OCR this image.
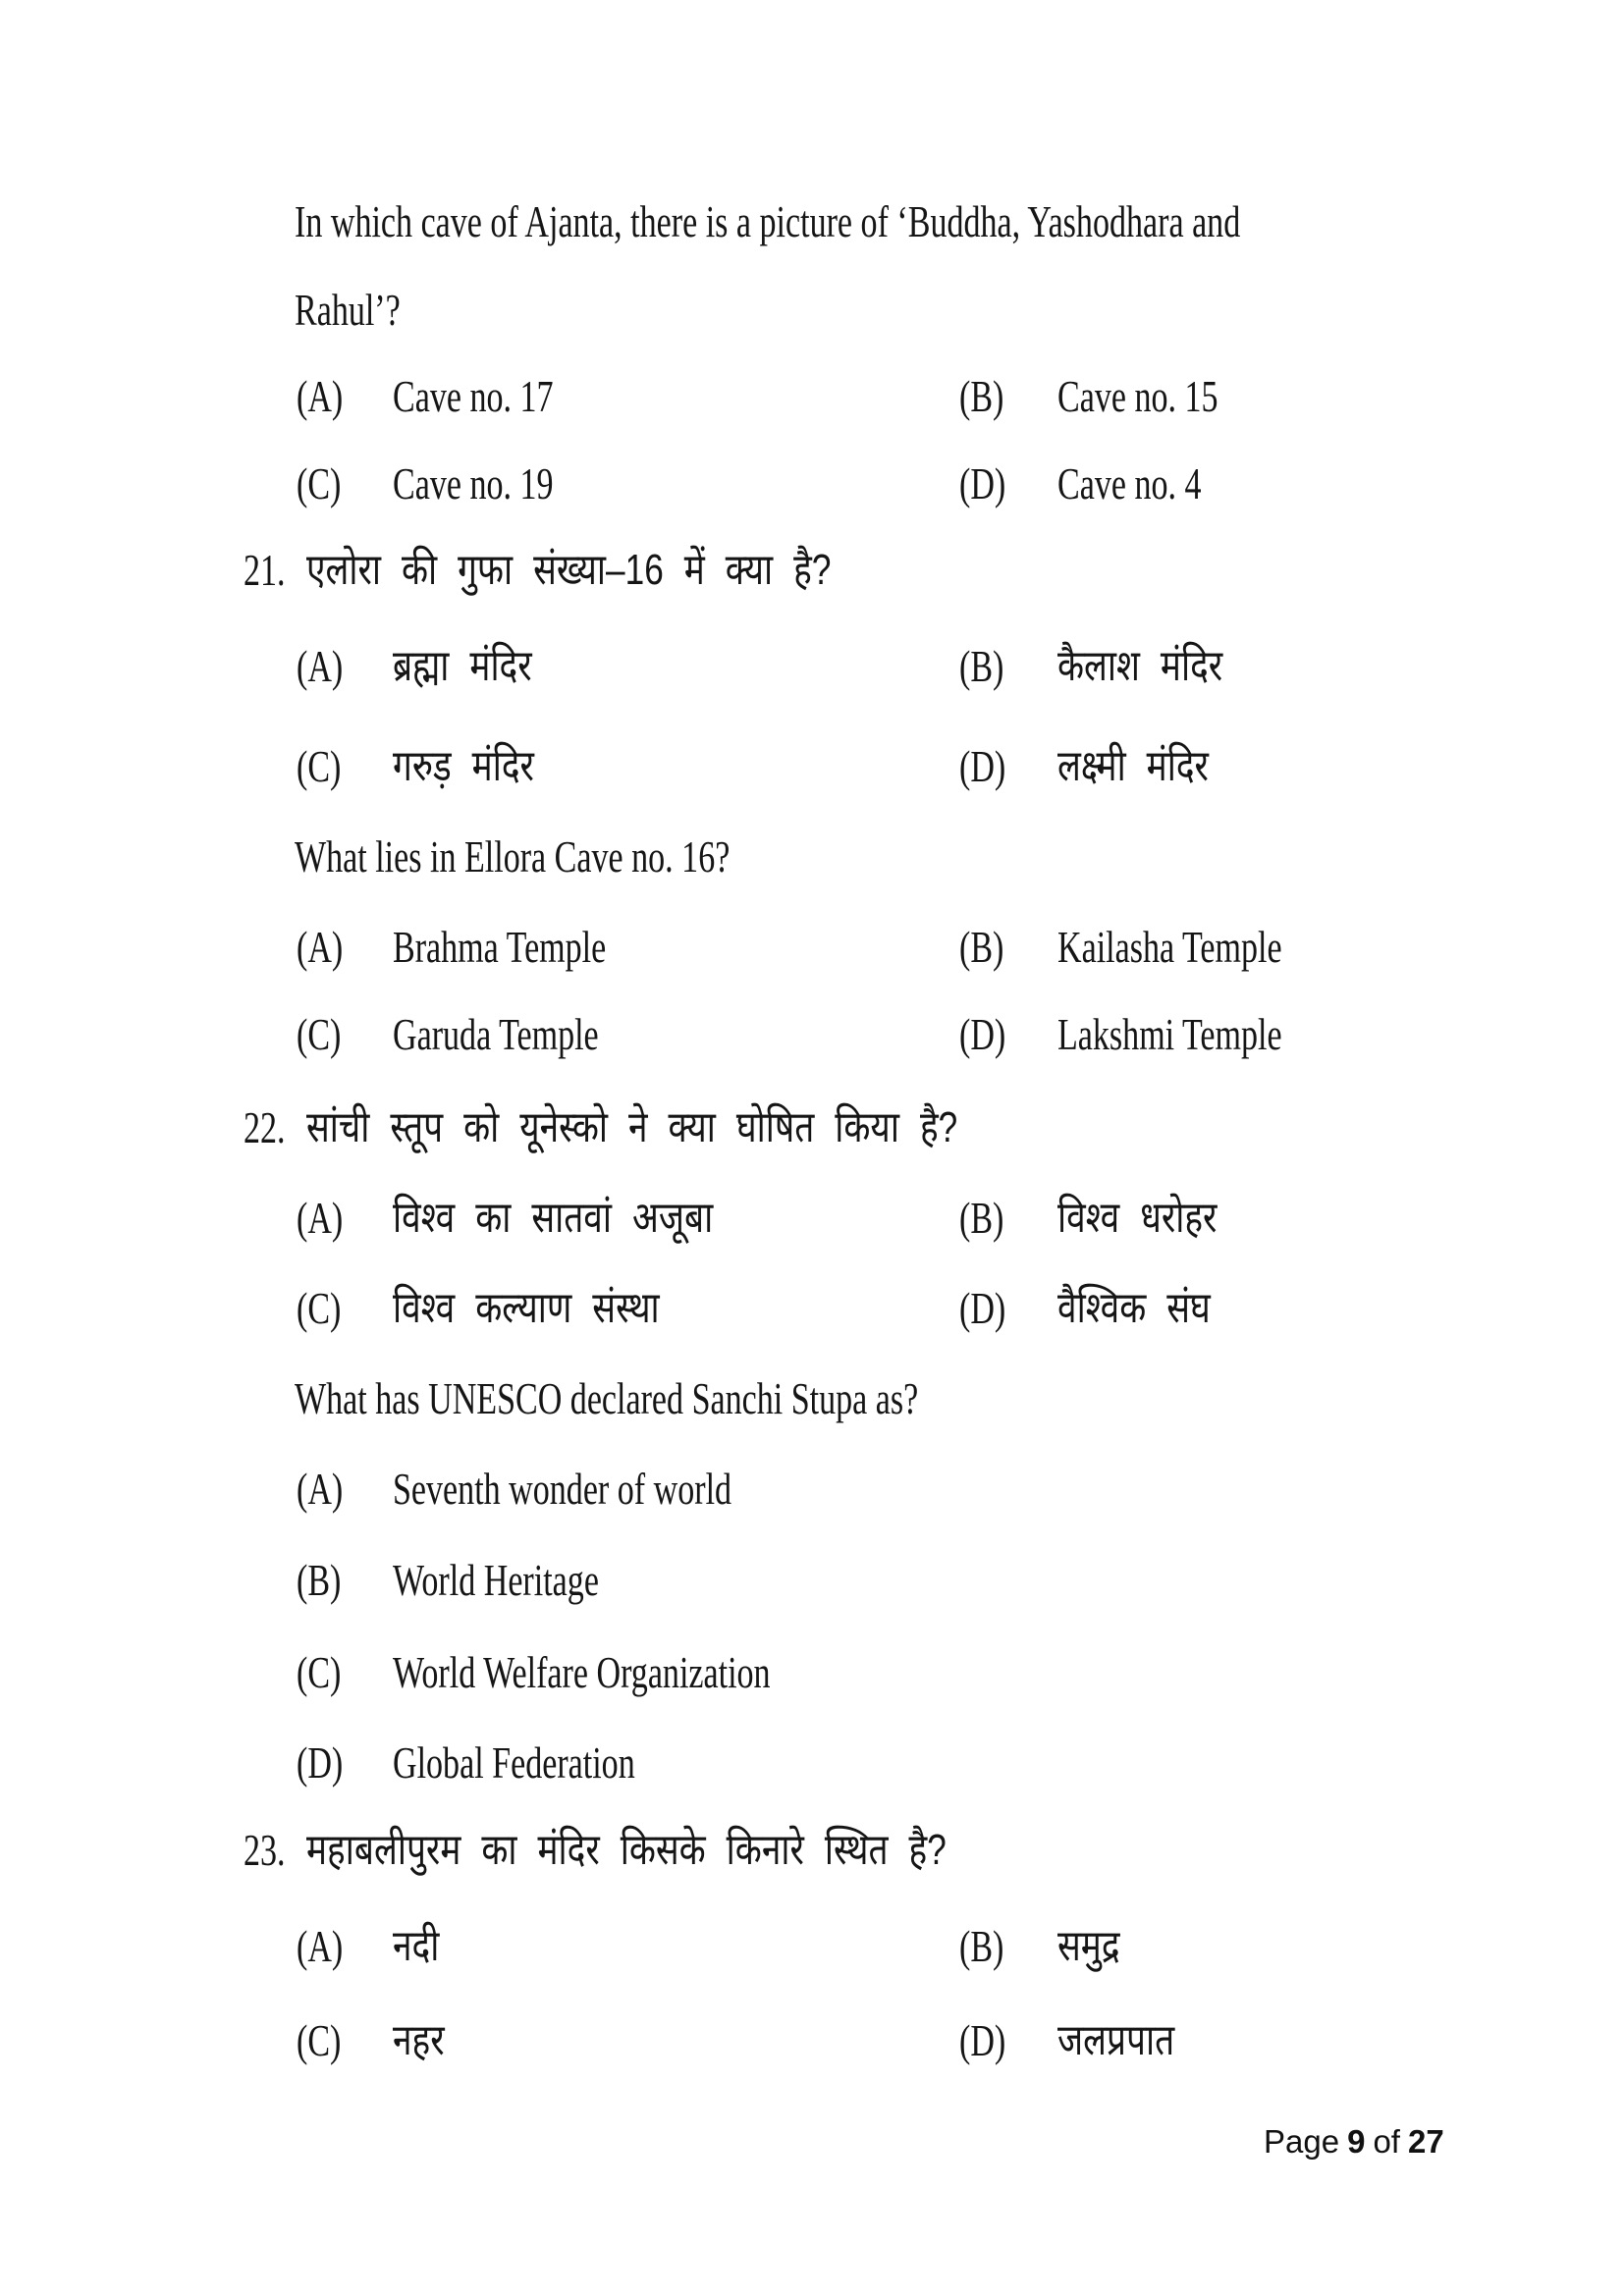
In which cave of Ajanta, there is a picture of ‘Buddha, Yashodhara and
Rahul’?
(A)	Cave no. 17	(B)	Cave no. 15
(C)	Cave no. 19	(D)	Cave no. 4
21. एलोरा की गुफा संख्या–16 में क्या है?
(A)	ब्रह्मा मंदिर	(B)	कैलाश मंदिर
(C)	गरुड़ मंदिर	(D)	लक्ष्मी मंदिर
What lies in Ellora Cave no. 16?
(A)	Brahma Temple	(B)	Kailasha Temple
(C)	Garuda Temple	(D)	Lakshmi Temple
22. सांची स्तूप को यूनेस्को ने क्या घोषित किया है?
(A)	विश्व का सातवां अजूबा	(B)	विश्व धरोहर
(C)	विश्व कल्याण संस्था	(D)	वैश्विक संघ
What has UNESCO declared Sanchi Stupa as?
(A)	Seventh wonder of world
(B)	World Heritage
(C)	World Welfare Organization
(D)	Global Federation
23. महाबलीपुरम का मंदिर किसके किनारे स्थित है?
(A)	नदी	(B)	समुद्र
(C)	नहर	(D)	जलप्रपात
Page 9 of 27
